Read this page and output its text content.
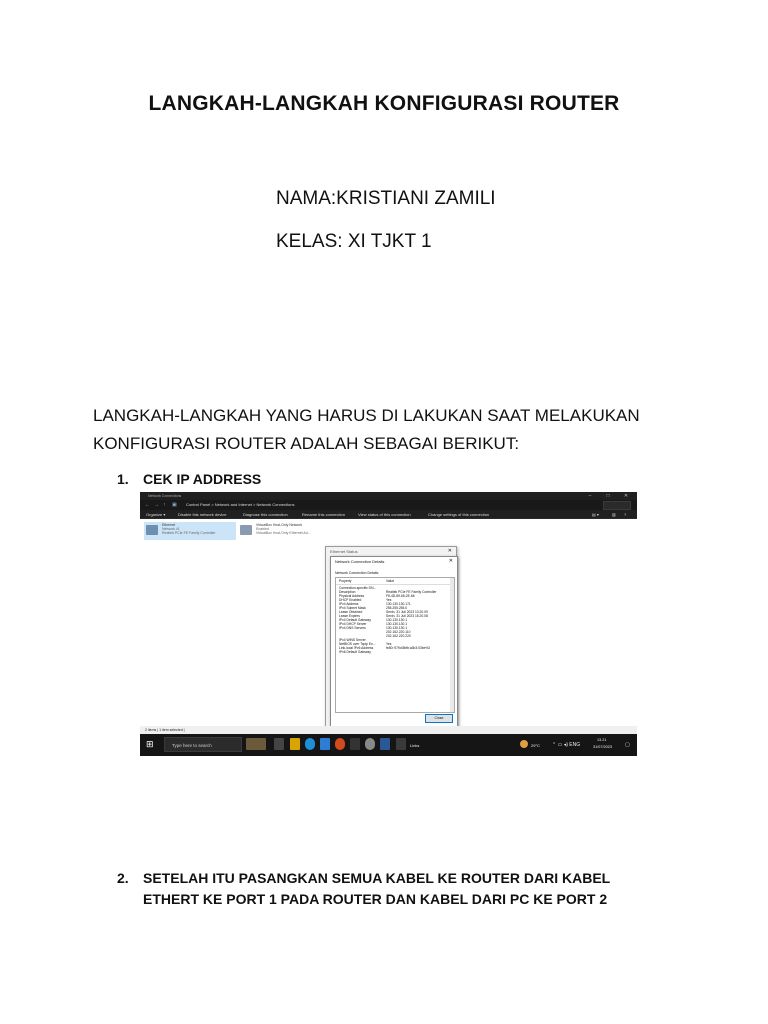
LANGKAH-LANGKAH KONFIGURASI ROUTER
NAMA:KRISTIANI ZAMILI
KELAS: XI TJKT 1
LANGKAH-LANGKAH YANG HARUS DI LAKUKAN SAAT MELAKUKAN
KONFIGURASI ROUTER ADALAH SEBAGAI BERIKUT:
1. CEK IP ADDRESS
Network Connections	–	□	✕
← → ↑ ▣ Control Panel > Network and Internet > Network Connections
Organize ▾	Disable this network device	Diagnose this connection	Rename this connection	View status of this connection	Change settings of this connection	▤ ▾	▥ ?
Ethernet
Network 41
Realtek PCIe FE Family Controller
VirtualBox Host-Only Network
Enabled
VirtualBox Host-Only Ethernet Ad...
Ethernet Status	✕
Network Connection Details	✕
Network Connection Details:
Property	Value
Connection-specific DN...
Description	Realtek PCIe FE Family Controller
Physical Address	F8-4D-89-65-2E-66
DHCP Enabled	Yes
IPv4 Address	130.130.130.171
IPv4 Subnet Mask	255.255.255.0
Lease Obtained	Senin, 31 Juli 2023 13.20.09
Lease Expires	Senin, 31 Juli 2023 15.20.08
IPv4 Default Gateway	130.130.130.1
IPv4 DHCP Server	130.130.130.1
IPv4 DNS Servers	130.130.130.1
202.162.220.110
202.162.220.220
IPv4 WINS Server
NetBIOS over Tcpip En...	Yes
Link-local IPv6 Address	fe80::979d:8bfb:a3b3:03be%2
IPv6 Default Gateway
Close
2 items | 1 item selected |
⊞	Type here to search	Links	29°C ⌃ ▭ ◂) ENG
13.21
31/07/2023	▢
2. SETELAH ITU PASANGKAN SEMUA KABEL KE ROUTER DARI KABEL
ETHERT KE PORT 1 PADA ROUTER DAN KABEL DARI PC KE PORT 2
